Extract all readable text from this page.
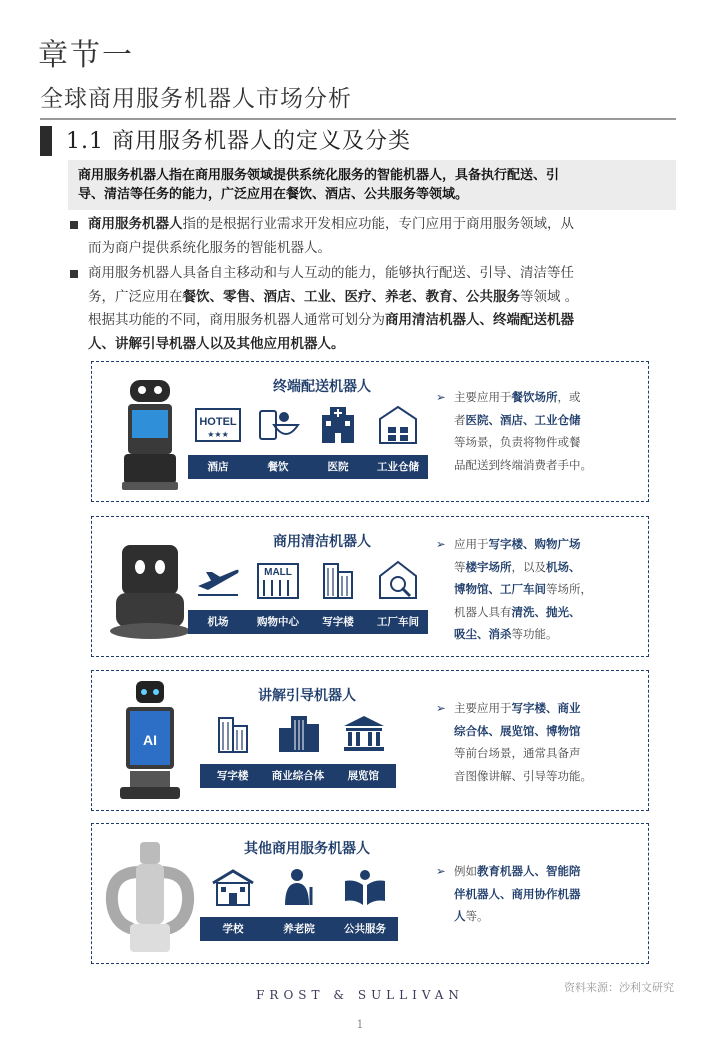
章节一
全球商用服务机器人市场分析
1.1 商用服务机器人的定义及分类
商用服务机器人指在商用服务领域提供系统化服务的智能机器人，具备执行配送、引
导、清洁等任务的能力，广泛应用在餐饮、酒店、公共服务等领域。
商用服务机器人指的是根据行业需求开发相应功能，专门应用于商用服务领域，从
而为商户提供系统化服务的智能机器人。
商用服务机器人具备自主移动和与人互动的能力，能够执行配送、引导、清洁等任
务，广泛应用在餐饮、零售、酒店、工业、医疗、养老、教育、公共服务等领域 。
根据其功能的不同，商用服务机器人通常可划分为商用清洁机器人、终端配送机器
人、讲解引导机器人以及其他应用机器人。
终端配送机器人
HOTEL
★★★
酒店	餐饮	医院	工业仓储
➢ 主要应用于餐饮场所，或
者医院、酒店、工业仓储
等场景，负责将物件或餐
品配送到终端消费者手中。
商用清洁机器人
MALL
机场	购物中心	写字楼	工厂车间
➢ 应用于写字楼、购物广场
等楼宇场所，以及机场、
博物馆、工厂车间等场所，
机器人具有清洗、抛光、
吸尘、消杀等功能。
AI
讲解引导机器人
写字楼	商业综合体	展览馆
➢ 主要应用于写字楼、商业
综合体、展览馆、博物馆
等前台场景，通常具备声
音图像讲解、引导等功能。
其他商用服务机器人
学校	养老院	公共服务
➢ 例如教育机器人、智能陪
伴机器人、商用协作机器
人等。
资料来源：沙利文研究
FROST & SULLIVAN
1
